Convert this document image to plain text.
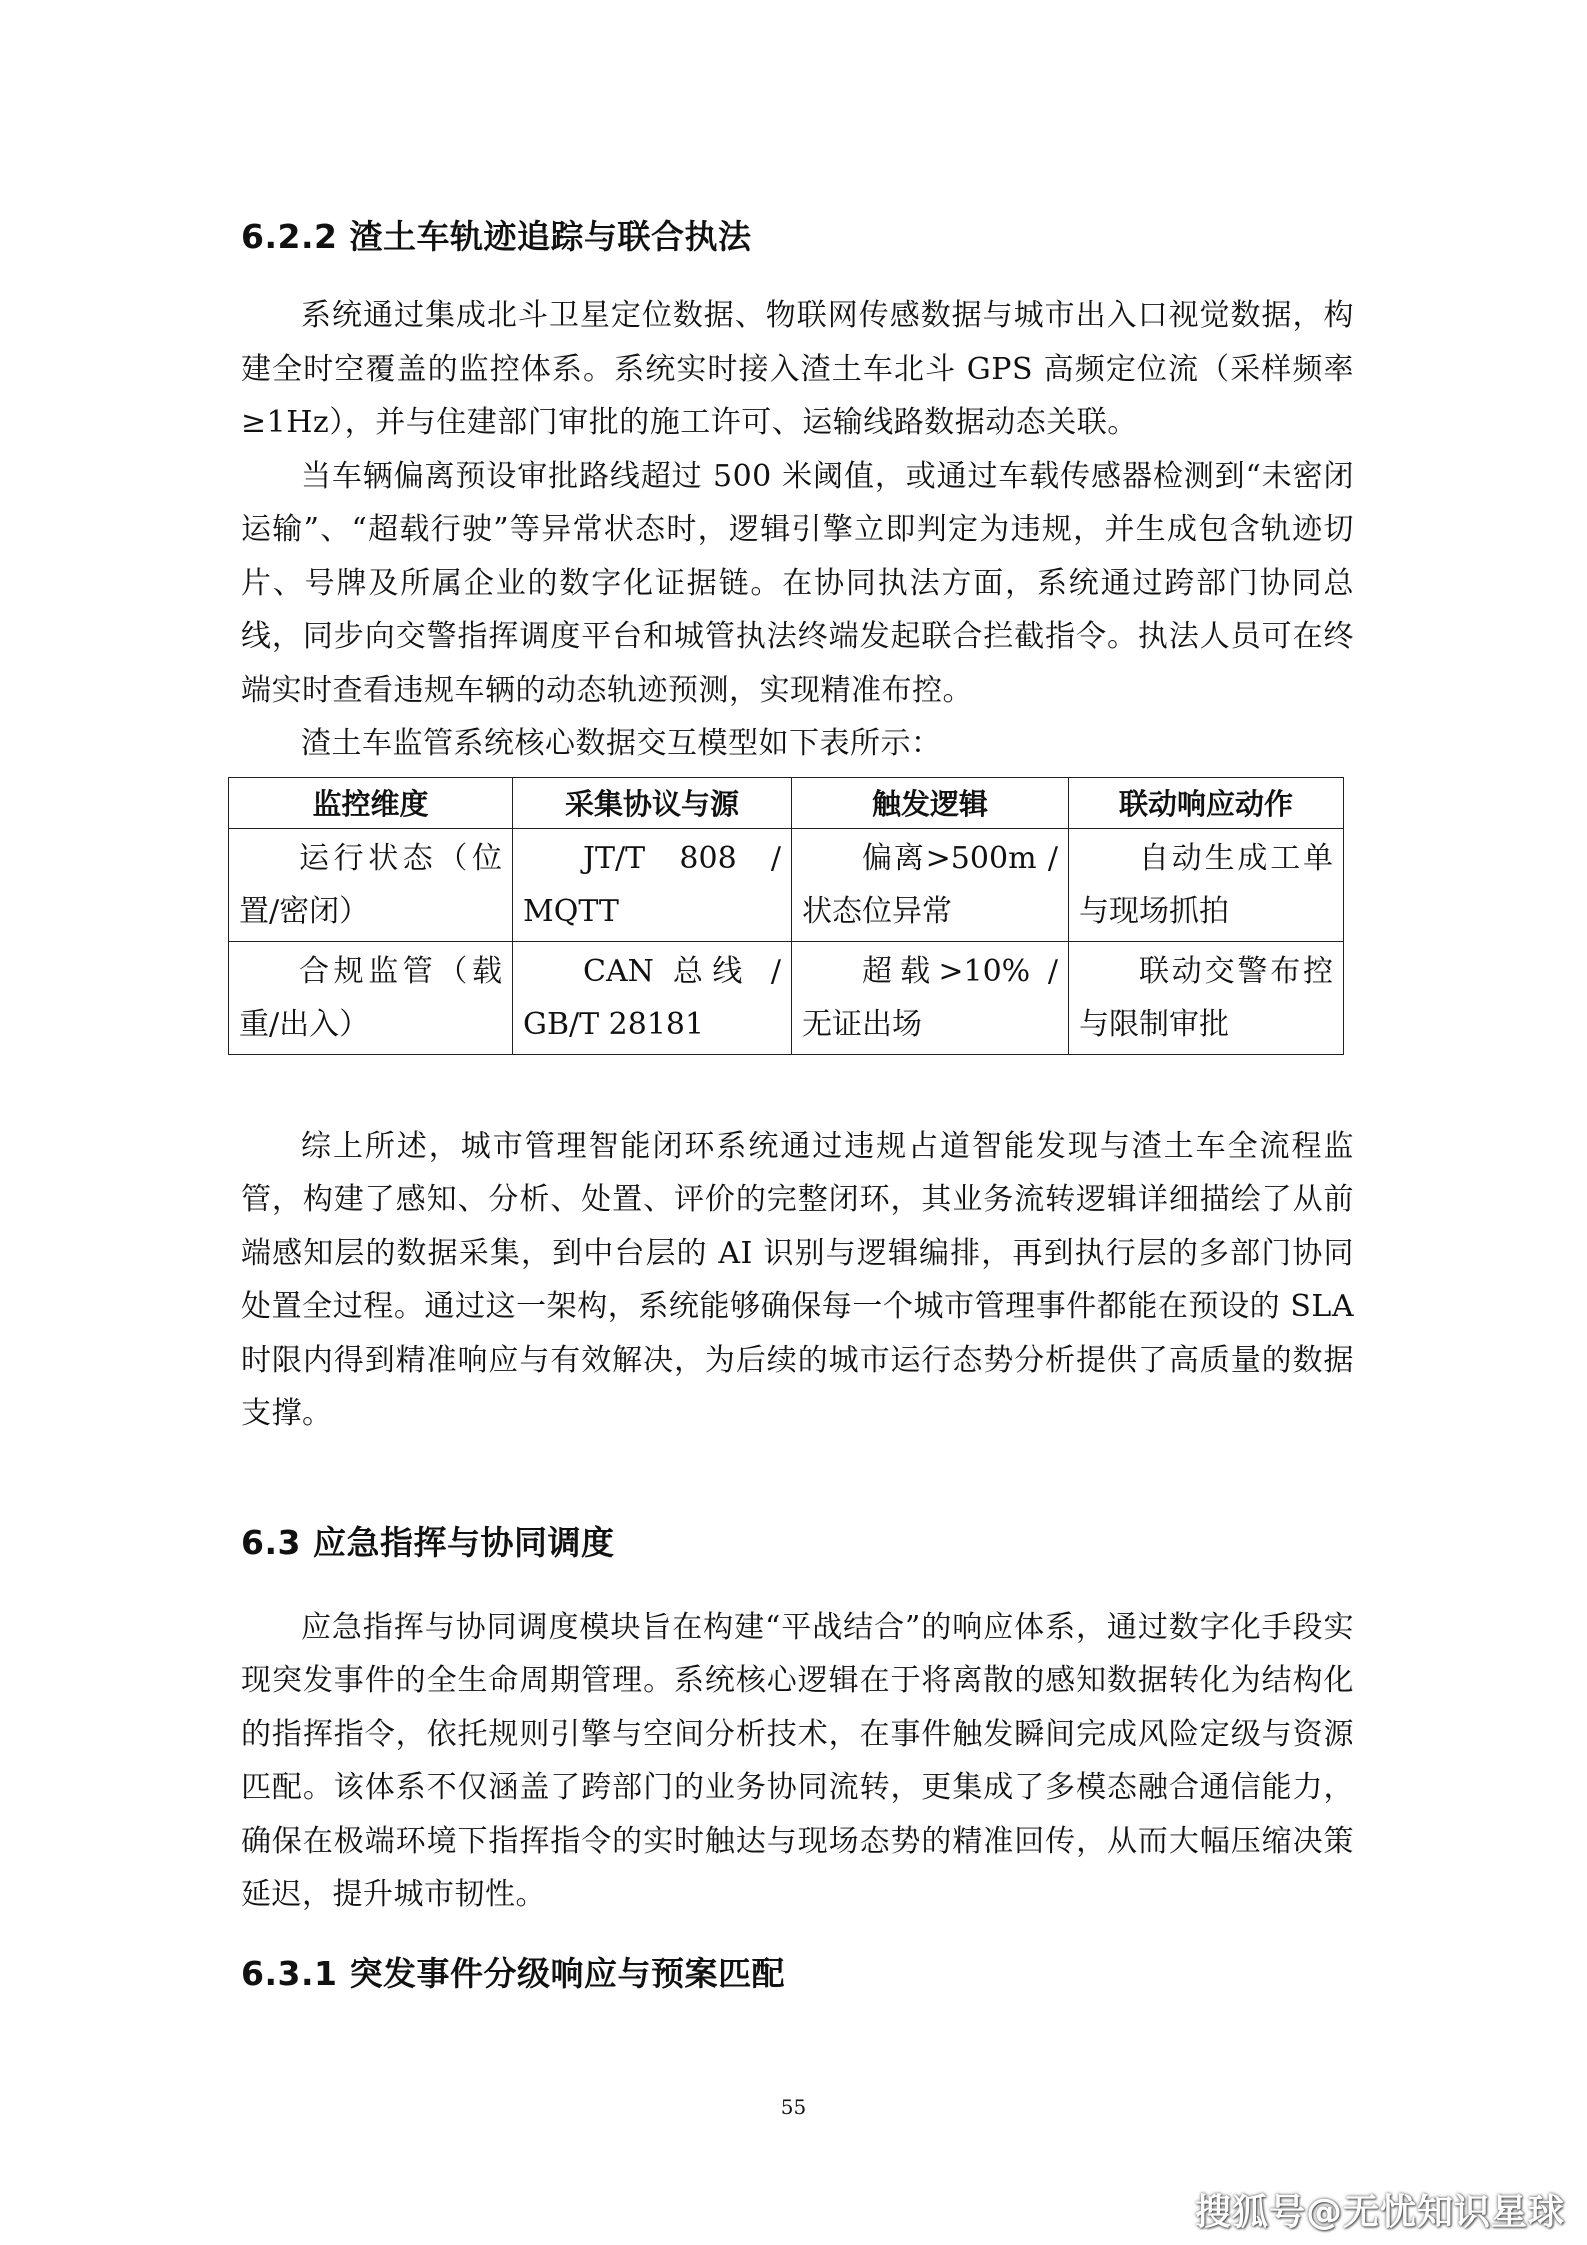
6.2.2 渣土车轨迹追踪与联合执法

系统通过集成北斗卫星定位数据、物联网传感数据与城市出入口视觉数据，构建全时空覆盖的监控体系。系统实时接入渣土车北斗 GPS 高频定位流（采样频率≥1Hz），并与住建部门审批的施工许可、运输线路数据动态关联。

当车辆偏离预设审批路线超过 500 米阈值，或通过车载传感器检测到“未密闭运输”、“超载行驶”等异常状态时，逻辑引擎立即判定为违规，并生成包含轨迹切片、号牌及所属企业的数字化证据链。在协同执法方面，系统通过跨部门协同总线，同步向交警指挥调度平台和城管执法终端发起联合拦截指令。执法人员可在终端实时查看违规车辆的动态轨迹预测，实现精准布控。

渣土车监管系统核心数据交互模型如下表所示：

监控维度	采集协议与源	触发逻辑	联动响应动作

运行状态（位置/密闭）	JT/T 808 / MQTT	偏离>500m / 状态位异常	自动生成工单与现场抓拍

合规监管（载重/出入）	CAN 总线 / GB/T 28181	超载>10% / 无证出场	联动交警布控与限制审批

综上所述，城市管理智能闭环系统通过违规占道智能发现与渣土车全流程监管，构建了感知、分析、处置、评价的完整闭环，其业务流转逻辑详细描绘了从前端感知层的数据采集，到中台层的 AI 识别与逻辑编排，再到执行层的多部门协同处置全过程。通过这一架构，系统能够确保每一个城市管理事件都能在预设的 SLA 时限内得到精准响应与有效解决，为后续的城市运行态势分析提供了高质量的数据支撑。

6.3 应急指挥与协同调度

应急指挥与协同调度模块旨在构建“平战结合”的响应体系，通过数字化手段实现突发事件的全生命周期管理。系统核心逻辑在于将离散的感知数据转化为结构化的指挥指令，依托规则引擎与空间分析技术，在事件触发瞬间完成风险定级与资源匹配。该体系不仅涵盖了跨部门的业务协同流转，更集成了多模态融合通信能力，确保在极端环境下指挥指令的实时触达与现场态势的精准回传，从而大幅压缩决策延迟，提升城市韧性。

6.3.1 突发事件分级响应与预案匹配
55
搜狐号@无忧知识星球
